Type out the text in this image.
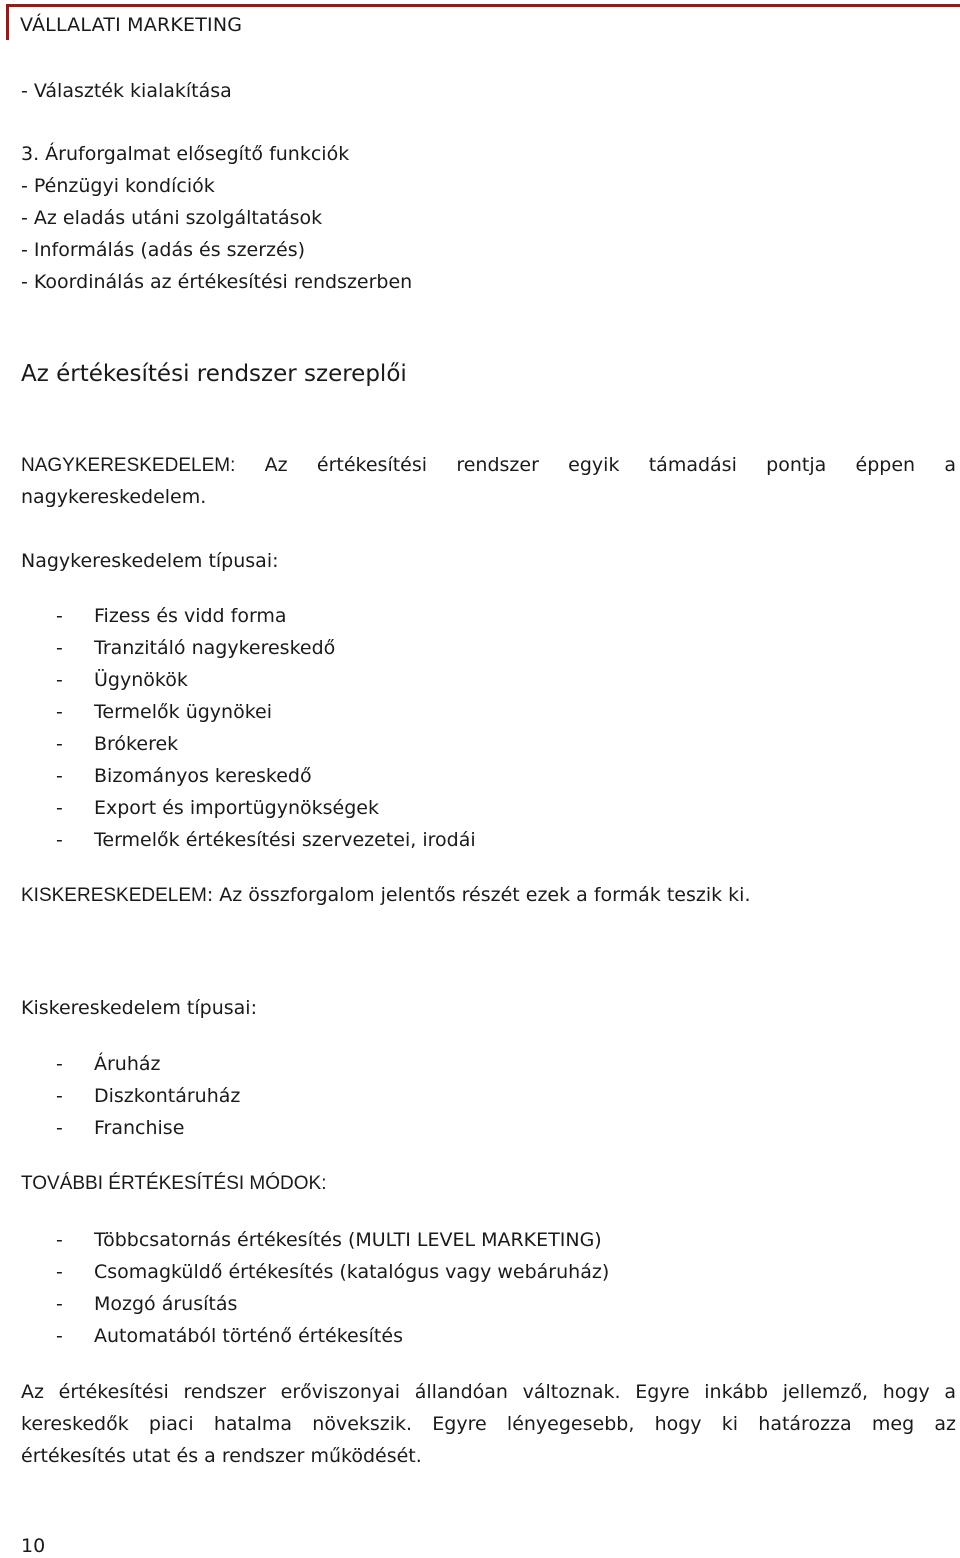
VÁLLALATI MARKETING
- Választék kialakítása
3. Áruforgalmat elősegítő funkciók
- Pénzügyi kondíciók
- Az eladás utáni szolgáltatások
- Informálás (adás és szerzés)
- Koordinálás az értékesítési rendszerben
Az értékesítési rendszer szereplői
NAGYKERESKEDELEM: Az értékesítési rendszer egyik támadási pontja éppen a
nagykereskedelem.
Nagykereskedelem típusai:
- Fizess és vidd forma
- Tranzitáló nagykereskedő
- Ügynökök
- Termelők ügynökei
- Brókerek
- Bizományos kereskedő
- Export és importügynökségek
- Termelők értékesítési szervezetei, irodái
KISKERESKEDELEM: Az összforgalom jelentős részét ezek a formák teszik ki.
Kiskereskedelem típusai:
- Áruház
- Diszkontáruház
- Franchise
TOVÁBBI ÉRTÉKESÍTÉSI MÓDOK:
- Többcsatornás értékesítés (MULTI LEVEL MARKETING)
- Csomagküldő értékesítés (katalógus vagy webáruház)
- Mozgó árusítás
- Automatából történő értékesítés
Az értékesítési rendszer erőviszonyai állandóan változnak. Egyre inkább jellemző, hogy a
kereskedők piaci hatalma növekszik. Egyre lényegesebb, hogy ki határozza meg az
értékesítés utat és a rendszer működését.
10
